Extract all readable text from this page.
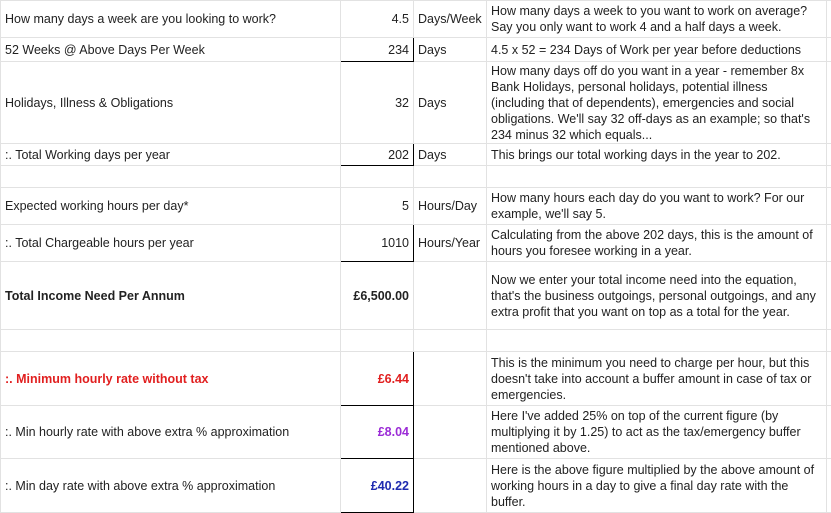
How many days a week are you looking to work?	4.5	Days/Week	How many days a week to you want to work on average? Say you only want to work 4 and a half days a week.	
52 Weeks @ Above Days Per Week	234	Days	4.5 x 52 = 234 Days of Work per year before deductions	
Holidays, Illness & Obligations	32	Days	How many days off do you want in a year - remember 8x Bank Holidays, personal holidays, potential illness (including that of dependents), emergencies and social obligations. We'll say 32 off-days as an example; so that's 234 minus 32 which equals...	
:. Total Working days per year	202	Days	This brings our total working days in the year to 202.	

Expected working hours per day*	5	Hours/Day	How many hours each day do you want to work? For our example, we'll say 5.	
:. Total Chargeable hours per year	1010	Hours/Year	Calculating from the above 202 days, this is the amount of hours you foresee working in a year.	
Total Income Need Per Annum	£6,500.00		Now we enter your total income need into the equation, that's the business outgoings, personal outgoings, and any extra profit that you want on top as a total for the year.	

:. Minimum hourly rate without tax	£6.44		This is the minimum you need to charge per hour, but this doesn't take into account a buffer amount in case of tax or emergencies.	
:. Min hourly rate with above extra % approximation	£8.04		Here I've added 25% on top of the current figure (by multiplying it by 1.25) to act as the tax/emergency buffer mentioned above.	
:. Min day rate with above extra % approximation	£40.22		Here is the above figure multiplied by the above amount of working hours in a day to give a final day rate with the buffer.	
